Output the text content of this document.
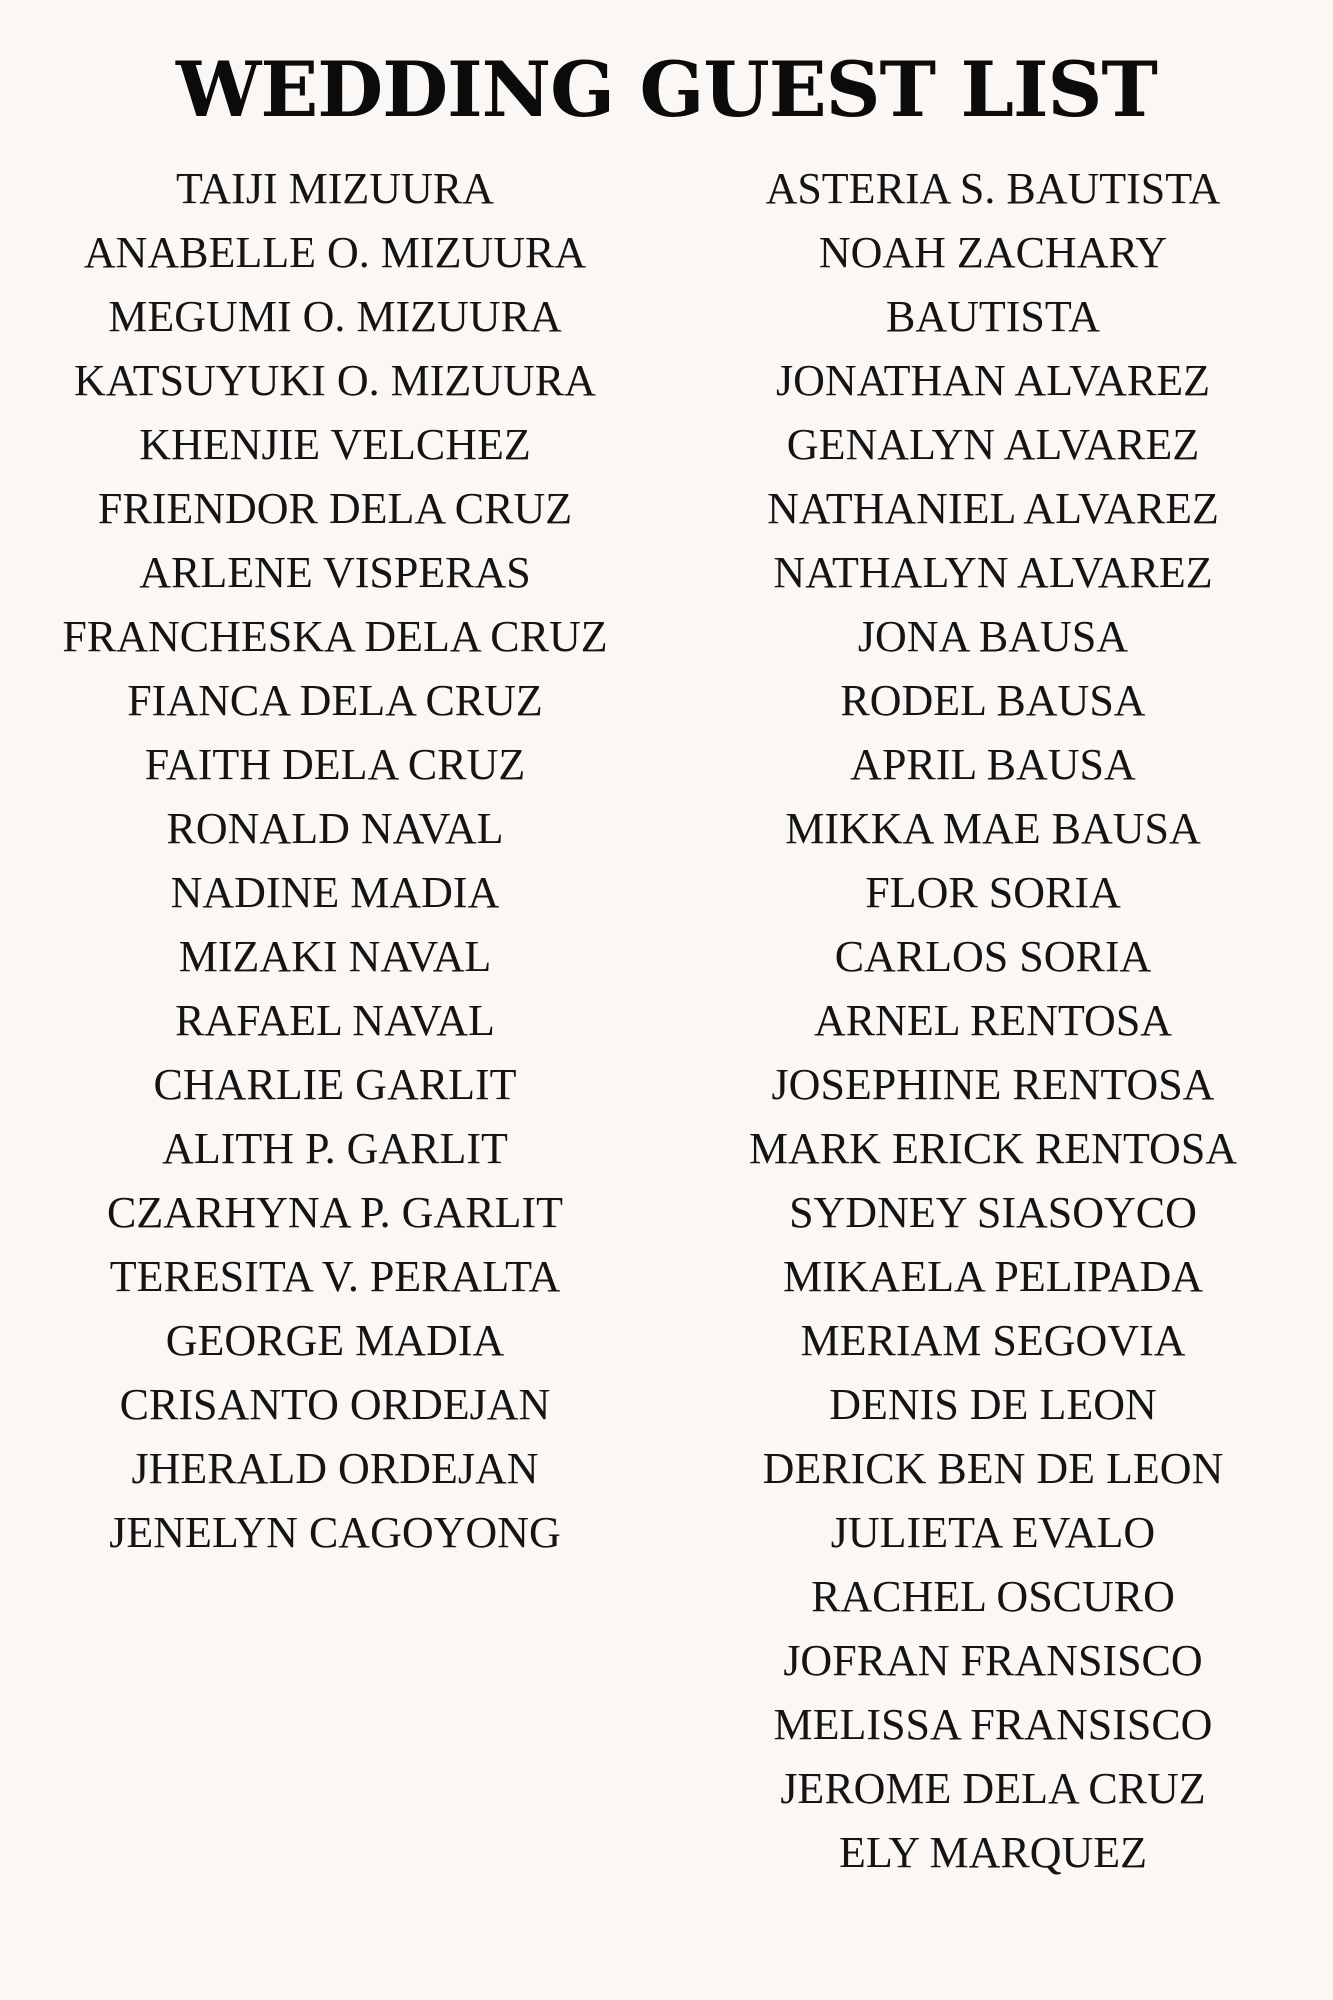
WEDDING GUEST LIST
TAIJI MIZUURA
ANABELLE O. MIZUURA
MEGUMI O. MIZUURA
KATSUYUKI O. MIZUURA
KHENJIE VELCHEZ
FRIENDOR DELA CRUZ
ARLENE VISPERAS
FRANCHESKA DELA CRUZ
FIANCA DELA CRUZ
FAITH DELA CRUZ
RONALD NAVAL
NADINE MADIA
MIZAKI NAVAL
RAFAEL NAVAL
CHARLIE GARLIT
ALITH P. GARLIT
CZARHYNA P. GARLIT
TERESITA V. PERALTA
GEORGE MADIA
CRISANTO ORDEJAN
JHERALD ORDEJAN
JENELYN CAGOYONG
ASTERIA S. BAUTISTA
NOAH ZACHARY
BAUTISTA
JONATHAN ALVAREZ
GENALYN ALVAREZ
NATHANIEL ALVAREZ
NATHALYN ALVAREZ
JONA BAUSA
RODEL BAUSA
APRIL BAUSA
MIKKA MAE BAUSA
FLOR SORIA
CARLOS SORIA
ARNEL RENTOSA
JOSEPHINE RENTOSA
MARK ERICK RENTOSA
SYDNEY SIASOYCO
MIKAELA PELIPADA
MERIAM SEGOVIA
DENIS DE LEON
DERICK BEN DE LEON
JULIETA EVALO
RACHEL OSCURO
JOFRAN FRANSISCO
MELISSA FRANSISCO
JEROME DELA CRUZ
ELY MARQUEZ
